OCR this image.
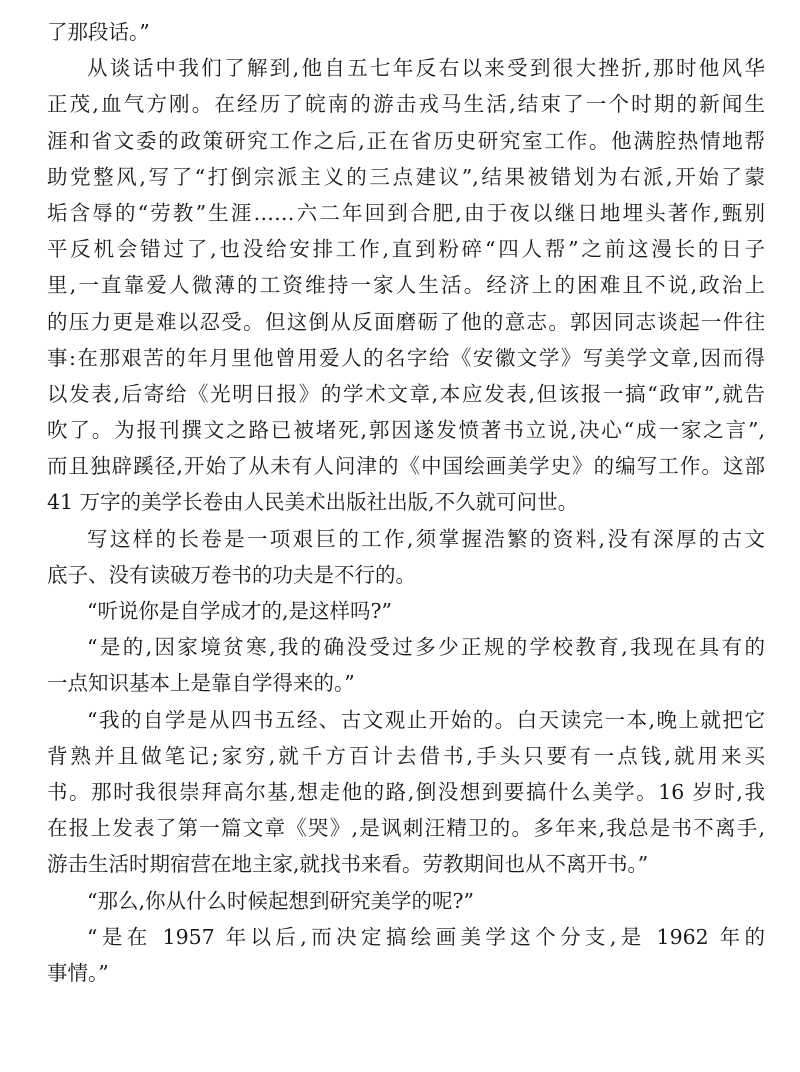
了那段话。”
从谈话中我们了解到,他自五七年反右以来受到很大挫折,那时他风华
正茂,血气方刚。在经历了皖南的游击戎马生活,结束了一个时期的新闻生
涯和省文委的政策研究工作之后,正在省历史研究室工作。他满腔热情地帮
助党整风,写了“打倒宗派主义的三点建议”,结果被错划为右派,开始了蒙
垢含辱的“劳教”生涯……六二年回到合肥,由于夜以继日地埋头著作,甄别
平反机会错过了,也没给安排工作,直到粉碎“四人帮”之前这漫长的日子
里,一直靠爱人微薄的工资维持一家人生活。经济上的困难且不说,政治上
的压力更是难以忍受。但这倒从反面磨砺了他的意志。郭因同志谈起一件往
事:在那艰苦的年月里他曾用爱人的名字给《安徽文学》写美学文章,因而得
以发表,后寄给《光明日报》的学术文章,本应发表,但该报一搞“政审”,就告
吹了。为报刊撰文之路已被堵死,郭因遂发愤著书立说,决心“成一家之言”,
而且独辟蹊径,开始了从未有人问津的《中国绘画美学史》的编写工作。这部
41 万字的美学长卷由人民美术出版社出版,不久就可问世。
写这样的长卷是一项艰巨的工作,须掌握浩繁的资料,没有深厚的古文
底子、没有读破万卷书的功夫是不行的。
“听说你是自学成才的,是这样吗?”
“是的,因家境贫寒,我的确没受过多少正规的学校教育,我现在具有的
一点知识基本上是靠自学得来的。”
“我的自学是从四书五经、古文观止开始的。白天读完一本,晚上就把它
背熟并且做笔记;家穷,就千方百计去借书,手头只要有一点钱,就用来买
书。那时我很崇拜高尔基,想走他的路,倒没想到要搞什么美学。16 岁时,我
在报上发表了第一篇文章《哭》,是讽刺汪精卫的。多年来,我总是书不离手,
游击生活时期宿营在地主家,就找书来看。劳教期间也从不离开书。”
“那么,你从什么时候起想到研究美学的呢?”
“是在 1957 年以后,而决定搞绘画美学这个分支,是 1962 年的
事情。”
